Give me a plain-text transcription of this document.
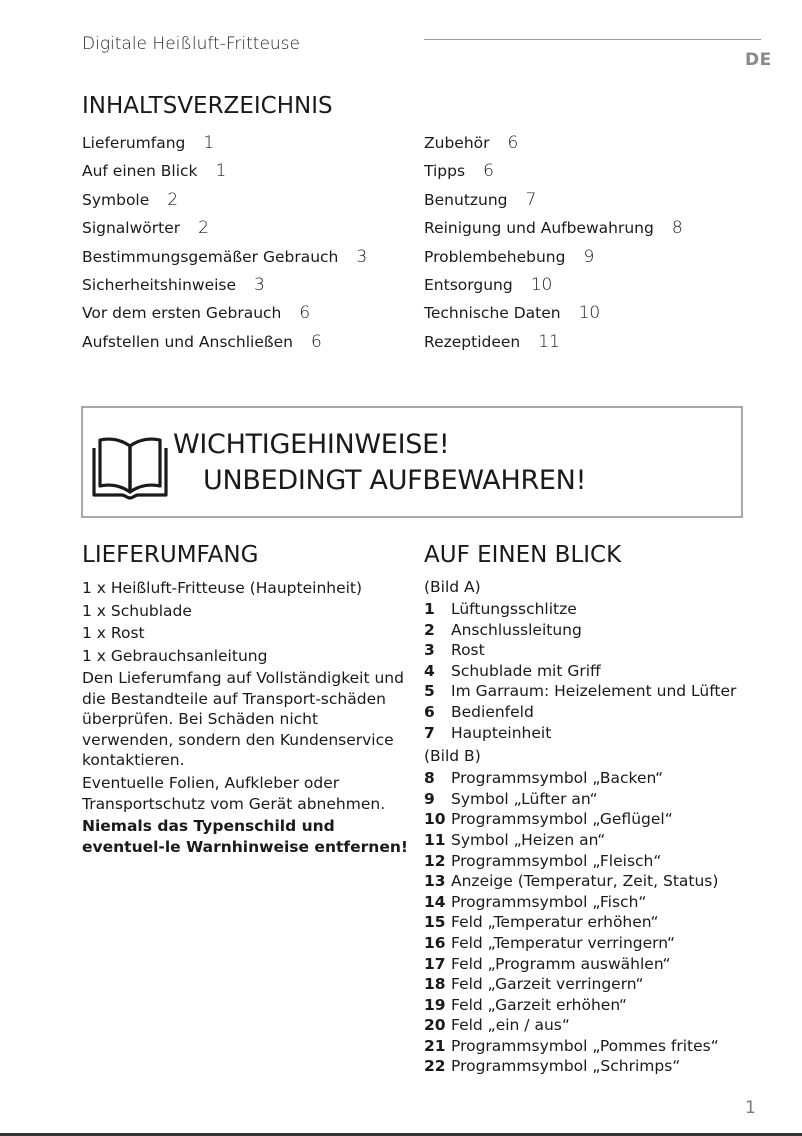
Digitale Heißluft-Fritteuse
DE
INHALTSVERZEICHNIS
Lieferumfang 1
Auf einen Blick 1
Symbole 2
Signalwörter 2
Bestimmungsgemäßer Gebrauch 3
Sicherheitshinweise 3
Vor dem ersten Gebrauch 6
Aufstellen und Anschließen 6
Zubehör 6
Tipps 6
Benutzung 7
Reinigung und Aufbewahrung 8
Problembehebung 9
Entsorgung 10
Technische Daten 10
Rezeptideen 11
WICHTIGEHINWEISE!
UNBEDINGT AUFBEWAHREN!
LIEFERUMFANG
1 x Heißluft-Fritteuse (Haupteinheit)
1 x Schublade
1 x Rost
1 x Gebrauchsanleitung

Den Lieferumfang auf Vollständigkeit und die Bestandteile auf Transport-schäden überprüfen. Bei Schäden nicht verwenden, sondern den Kundenservice kontaktieren.

Eventuelle Folien, Aufkleber oder Transportschutz vom Gerät abnehmen.

Niemals das Typenschild und eventuel-le Warnhinweise entfernen!

AUF EINEN BLICK
(Bild A)
1 Lüftungsschlitze
2 Anschlussleitung
3 Rost
4 Schublade mit Griff
5 Im Garraum: Heizelement und Lüfter
6 Bedienfeld
7 Haupteinheit
(Bild B)
8 Programmsymbol „Backen“
9 Symbol „Lüfter an“
10 Programmsymbol „Geflügel“
11 Symbol „Heizen an“
12 Programmsymbol „Fleisch“
13 Anzeige (Temperatur, Zeit, Status)
14 Programmsymbol „Fisch“
15 Feld „Temperatur erhöhen“
16 Feld „Temperatur verringern“
17 Feld „Programm auswählen“
18 Feld „Garzeit verringern“
19 Feld „Garzeit erhöhen“
20 Feld „ein / aus“
21 Programmsymbol „Pommes frites“
22 Programmsymbol „Schrimps“
1
